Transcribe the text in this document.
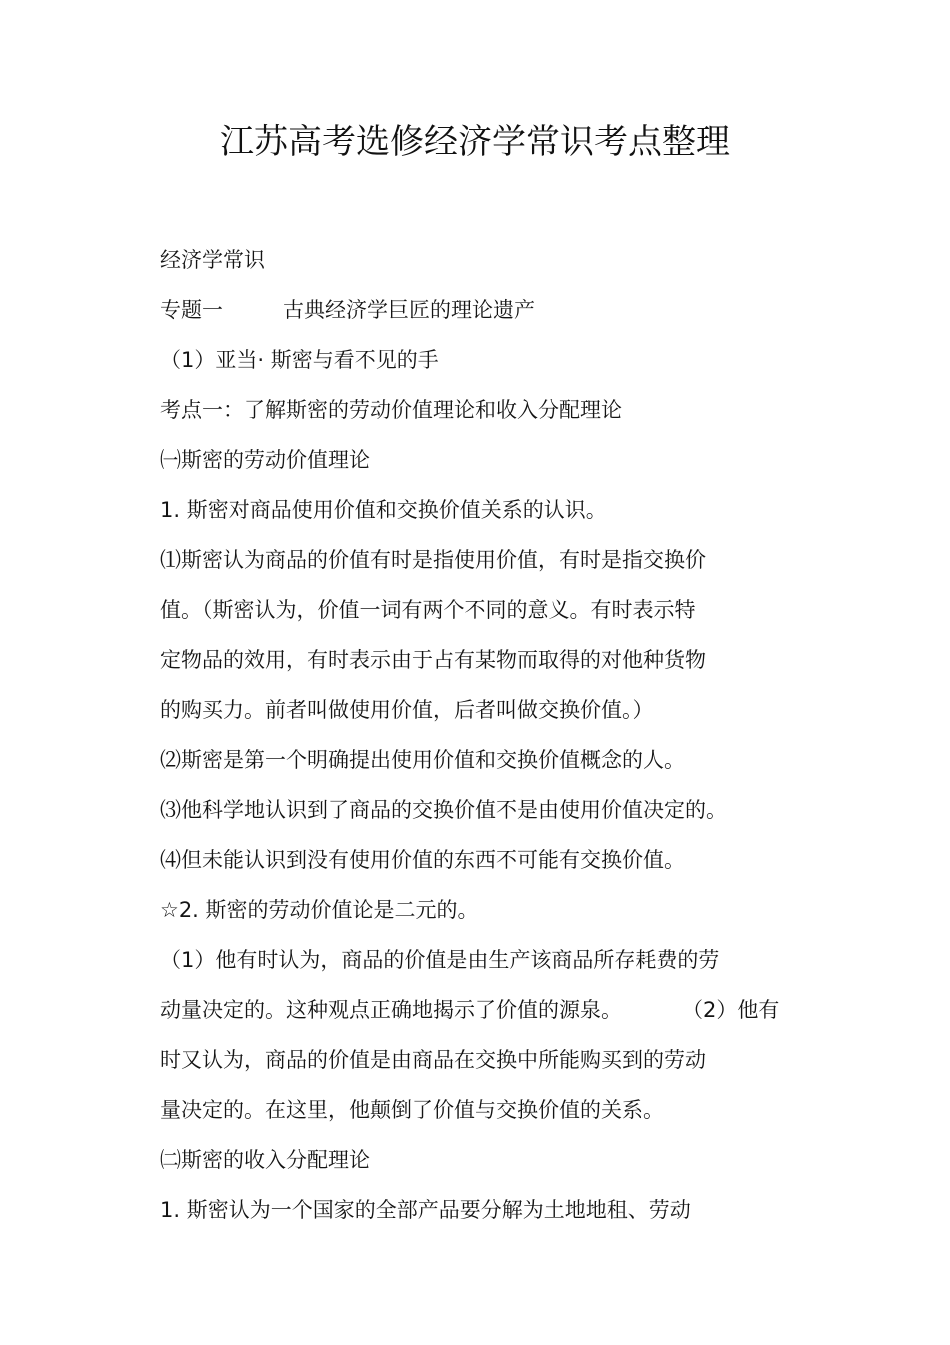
江苏高考选修经济学常识考点整理

经济学常识

专题一	古典经济学巨匠的理论遗产

（1）亚当· 斯密与看不见的手

考点一：了解斯密的劳动价值理论和收入分配理论

㈠斯密的劳动价值理论

1. 斯密对商品使用价值和交换价值关系的认识。

⑴斯密认为商品的价值有时是指使用价值，有时是指交换价

值。（斯密认为，价值一词有两个不同的意义。有时表示特

定物品的效用，有时表示由于占有某物而取得的对他种货物

的购买力。前者叫做使用价值，后者叫做交换价值。）

⑵斯密是第一个明确提出使用价值和交换价值概念的人。

⑶他科学地认识到了商品的交换价值不是由使用价值决定的。

⑷但未能认识到没有使用价值的东西不可能有交换价值。

☆2. 斯密的劳动价值论是二元的。

（1）他有时认为，商品的价值是由生产该商品所存耗费的劳

动量决定的。这种观点正确地揭示了价值的源泉。	（2）他有

时又认为，商品的价值是由商品在交换中所能购买到的劳动

量决定的。在这里，他颠倒了价值与交换价值的关系。

㈡斯密的收入分配理论

1. 斯密认为一个国家的全部产品要分解为土地地租、劳动
